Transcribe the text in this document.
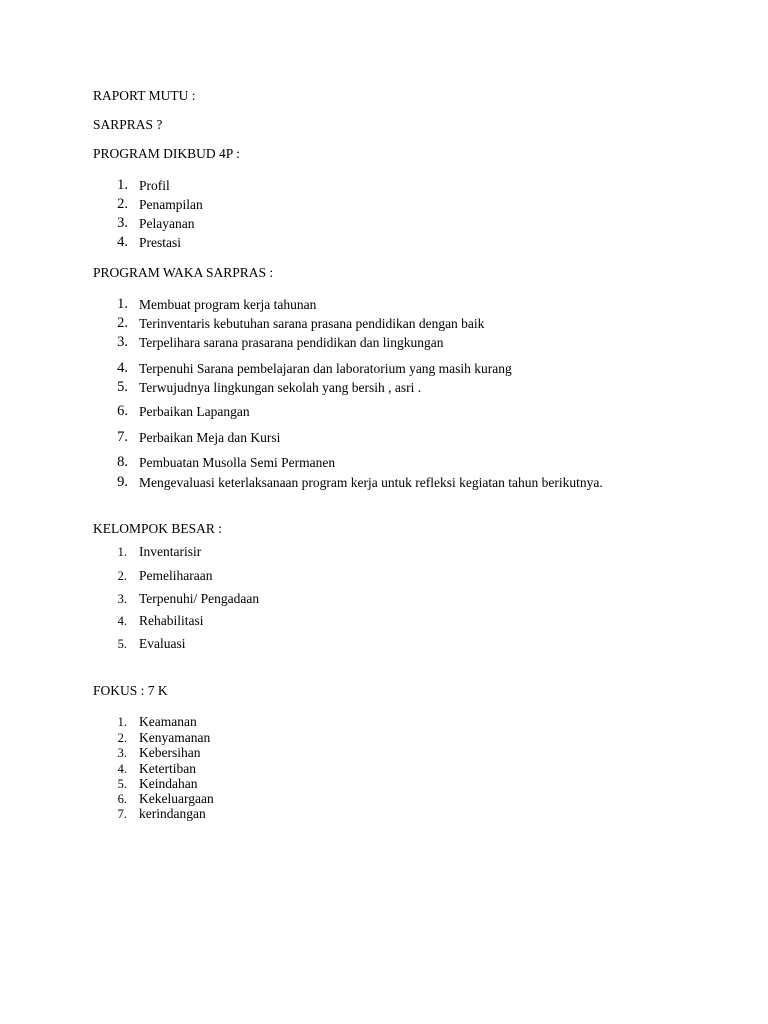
RAPORT MUTU :
SARPRAS ?
PROGRAM DIKBUD 4P :
1. Profil
2. Penampilan
3. Pelayanan
4. Prestasi
PROGRAM WAKA SARPRAS :
1. Membuat program kerja tahunan
2. Terinventaris kebutuhan sarana prasana pendidikan dengan baik
3. Terpelihara sarana prasarana pendidikan dan lingkungan
4. Terpenuhi Sarana pembelajaran dan laboratorium yang masih kurang
5. Terwujudnya lingkungan sekolah yang bersih , asri .
6. Perbaikan Lapangan
7. Perbaikan Meja dan Kursi
8. Pembuatan Musolla Semi Permanen
9. Mengevaluasi keterlaksanaan program kerja untuk refleksi kegiatan tahun berikutnya.
KELOMPOK BESAR :
1. Inventarisir
2. Pemeliharaan
3. Terpenuhi/ Pengadaan
4. Rehabilitasi
5. Evaluasi
FOKUS : 7 K
1. Keamanan
2. Kenyamanan
3. Kebersihan
4. Ketertiban
5. Keindahan
6. Kekeluargaan
7. kerindangan
